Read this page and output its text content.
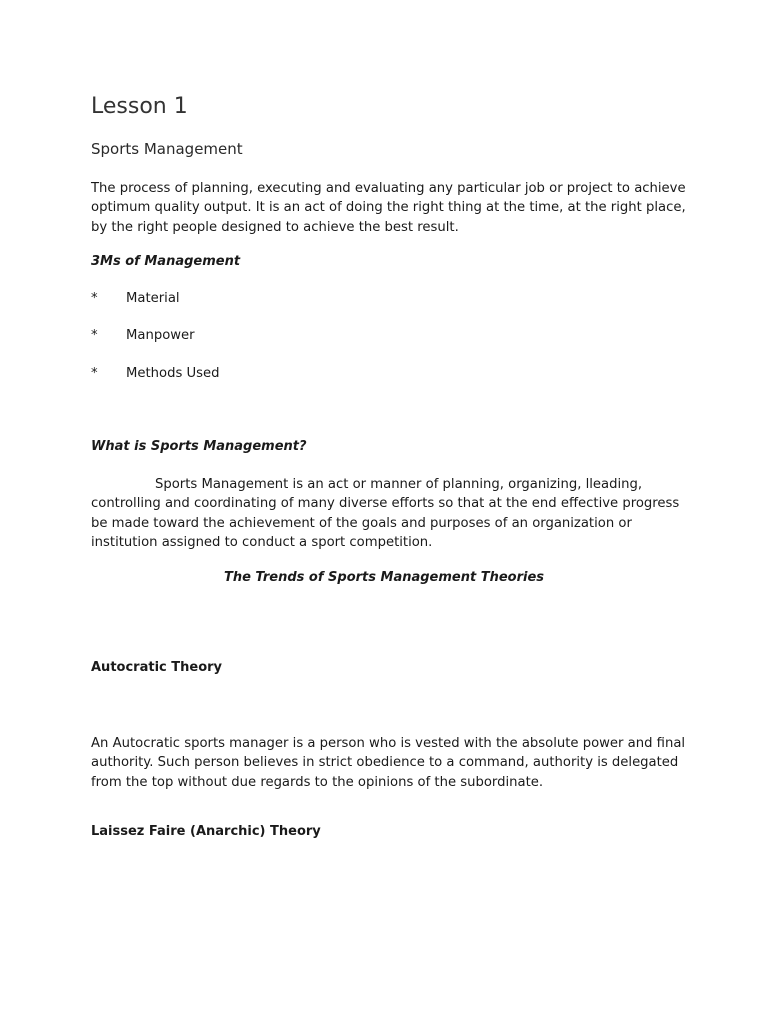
Lesson 1
Sports Management

The process of planning, executing and evaluating any particular job or project to achieve optimum quality output. It is an act of doing the right thing at the time, at the right place, by the right people designed to achieve the best result.

3Ms of Management
*	Material
*	Manpower
*	Methods Used
What is Sports Management?

Sports Management is an act or manner of planning, organizing, lleading, controlling and coordinating of many diverse efforts so that at the end effective progress be made toward the achievement of the goals and purposes of an organization or institution assigned to conduct a sport competition.

The Trends of Sports Management Theories
Autocratic Theory

An Autocratic sports manager is a person who is vested with the absolute power and final authority. Such person believes in strict obedience to a command, authority is delegated from the top without due regards to the opinions of the subordinate.

Laissez Faire (Anarchic) Theory
